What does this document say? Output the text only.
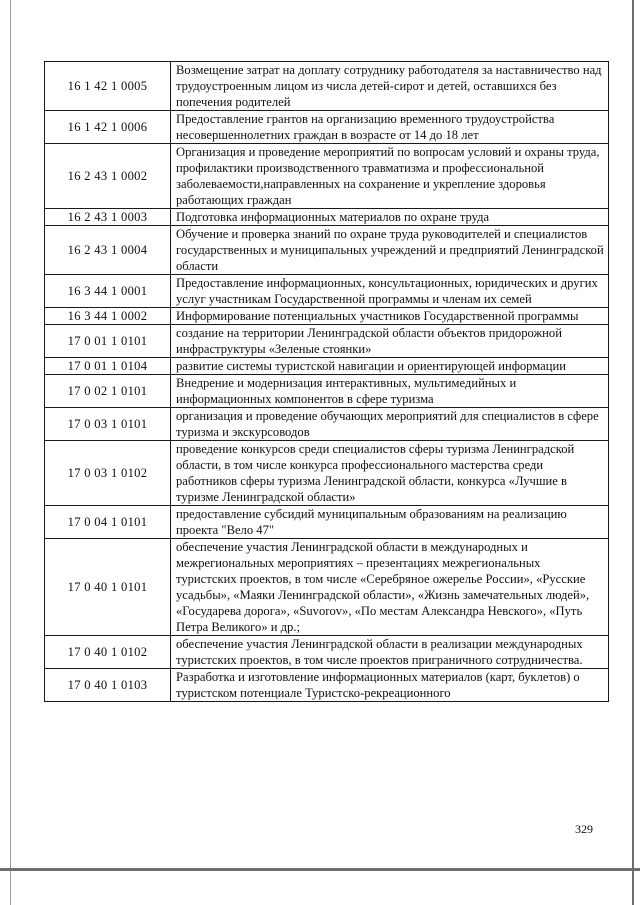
16 1 42 1 0005	Возмещение затрат на доплату сотруднику работодателя за наставничество над трудоустроенным лицом из числа детей-сирот и детей, оставшихся без попечения родителей
16 1 42 1 0006	Предоставление грантов на организацию временного трудоустройства несовершеннолетних граждан в возрасте от 14 до 18 лет
16 2 43 1 0002	Организация и проведение мероприятий по вопросам условий и охраны труда, профилактики производственного травматизма и профессиональной заболеваемости,направленных на сохранение и укрепление здоровья работающих граждан
16 2 43 1 0003	Подготовка информационных материалов по охране труда
16 2 43 1 0004	Обучение и проверка знаний по охране труда руководителей и специалистов государственных и муниципальных учреждений и предприятий Ленинградской области
16 3 44 1 0001	Предоставление информационных, консультационных, юридических и других услуг участникам Государственной программы и членам их семей
16 3 44 1 0002	Информирование потенциальных участников Государственной программы
17 0 01 1 0101	создание на территории Ленинградской области объектов придорожной инфраструктуры «Зеленые стоянки»
17 0 01 1 0104	развитие системы туристской навигации и ориентирующей информации
17 0 02 1 0101	Внедрение и модернизация интерактивных, мультимедийных и информационных компонентов в сфере туризма
17 0 03 1 0101	организация и проведение обучающих мероприятий для специалистов в сфере туризма и экскурсоводов
17 0 03 1 0102	проведение конкурсов среди специалистов сферы туризма Ленинградской области, в том числе конкурса профессионального мастерства среди работников сферы туризма Ленинградской области, конкурса «Лучшие в туризме Ленинградской области»
17 0 04 1 0101	предоставление субсидий муниципальным образованиям на реализацию проекта "Вело 47"
17 0 40 1 0101	обеспечение участия Ленинградской области в международных и межрегиональных мероприятиях – презентациях межрегиональных туристских проектов, в том числе «Серебряное ожерелье России», «Русские усадьбы», «Маяки Ленинградской области», «Жизнь замечательных людей», «Государева дорога», «Suvorov», «По местам Александра Невского», «Путь Петра Великого» и др.;
17 0 40 1 0102	обеспечение участия Ленинградской области в реализации международных туристских проектов, в том числе проектов приграничного сотрудничества.
17 0 40 1 0103	Разработка и изготовление информационных материалов (карт, буклетов) о туристском потенциале Туристско-рекреационного
329
